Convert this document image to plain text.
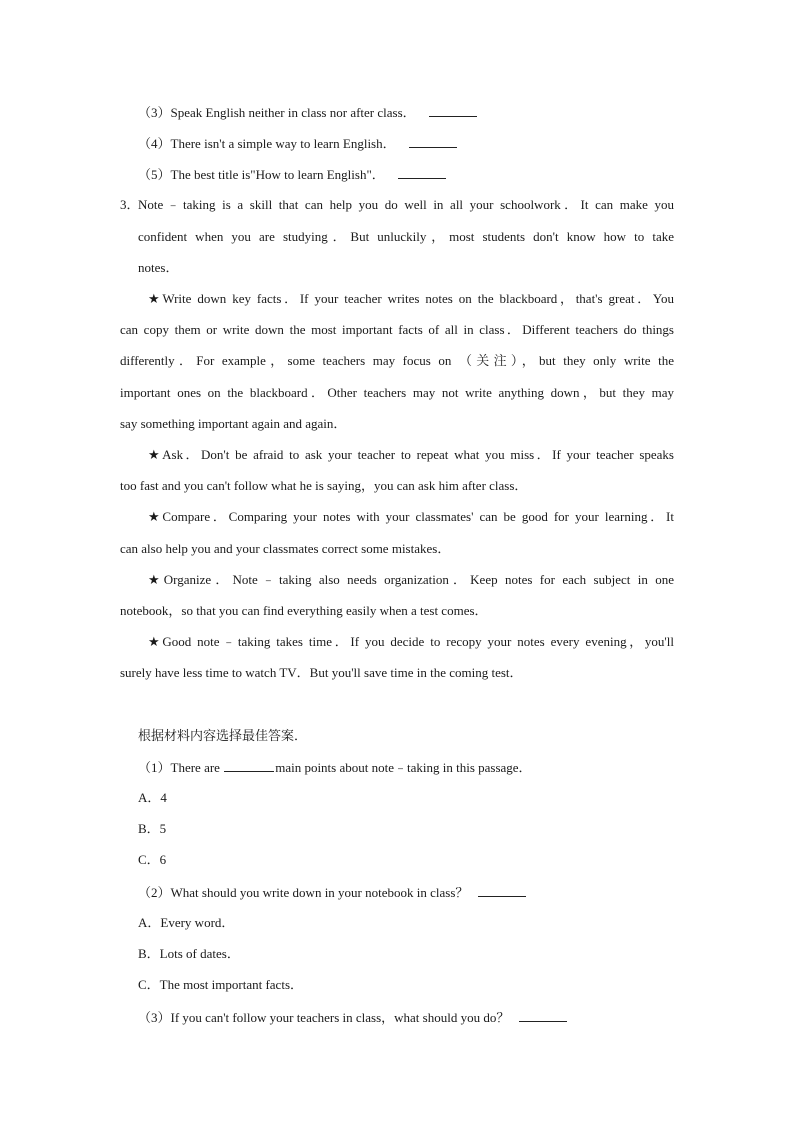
（3）Speak English neither in class nor after class．
（4）There isn't a simple way to learn English．
（5）The best title is"How to learn English"．
3．
Note﹣taking is a skill that can help you do well in all your schoolwork．It can make you
confident when you are studying．But unluckily，most students don't know how to take
notes．
★Write down key facts．If your teacher writes notes on the blackboard，that's great．You
can copy them or write down the most important facts of all in class．Different teachers do things
differently．For example，some teachers may focus on （关注），but they only write the
important ones on the blackboard．Other teachers may not write anything down，but they may
say something important again and again．
★Ask．Don't be afraid to ask your teacher to repeat what you miss．If your teacher speaks
too fast and you can't follow what he is saying，you can ask him after class．
★Compare．Comparing your notes with your classmates' can be good for your learning．It
can also help you and your classmates correct some mistakes．
★Organize．Note﹣taking also needs organization．Keep notes for each subject in one
notebook，so that you can find everything easily when a test comes．
★Good note﹣taking takes time．If you decide to recopy your notes every evening，you'll
surely have less time to watch TV．But you'll save time in the coming test．
根据材料内容选择最佳答案．
（1）There are	main points about note﹣taking in this passage．
A．4
B．5
C．6
（2）What should you write down in your notebook in class？
A．Every word．
B．Lots of dates．
C．The most important facts．
（3）If you can't follow your teachers in class，what should you do？
